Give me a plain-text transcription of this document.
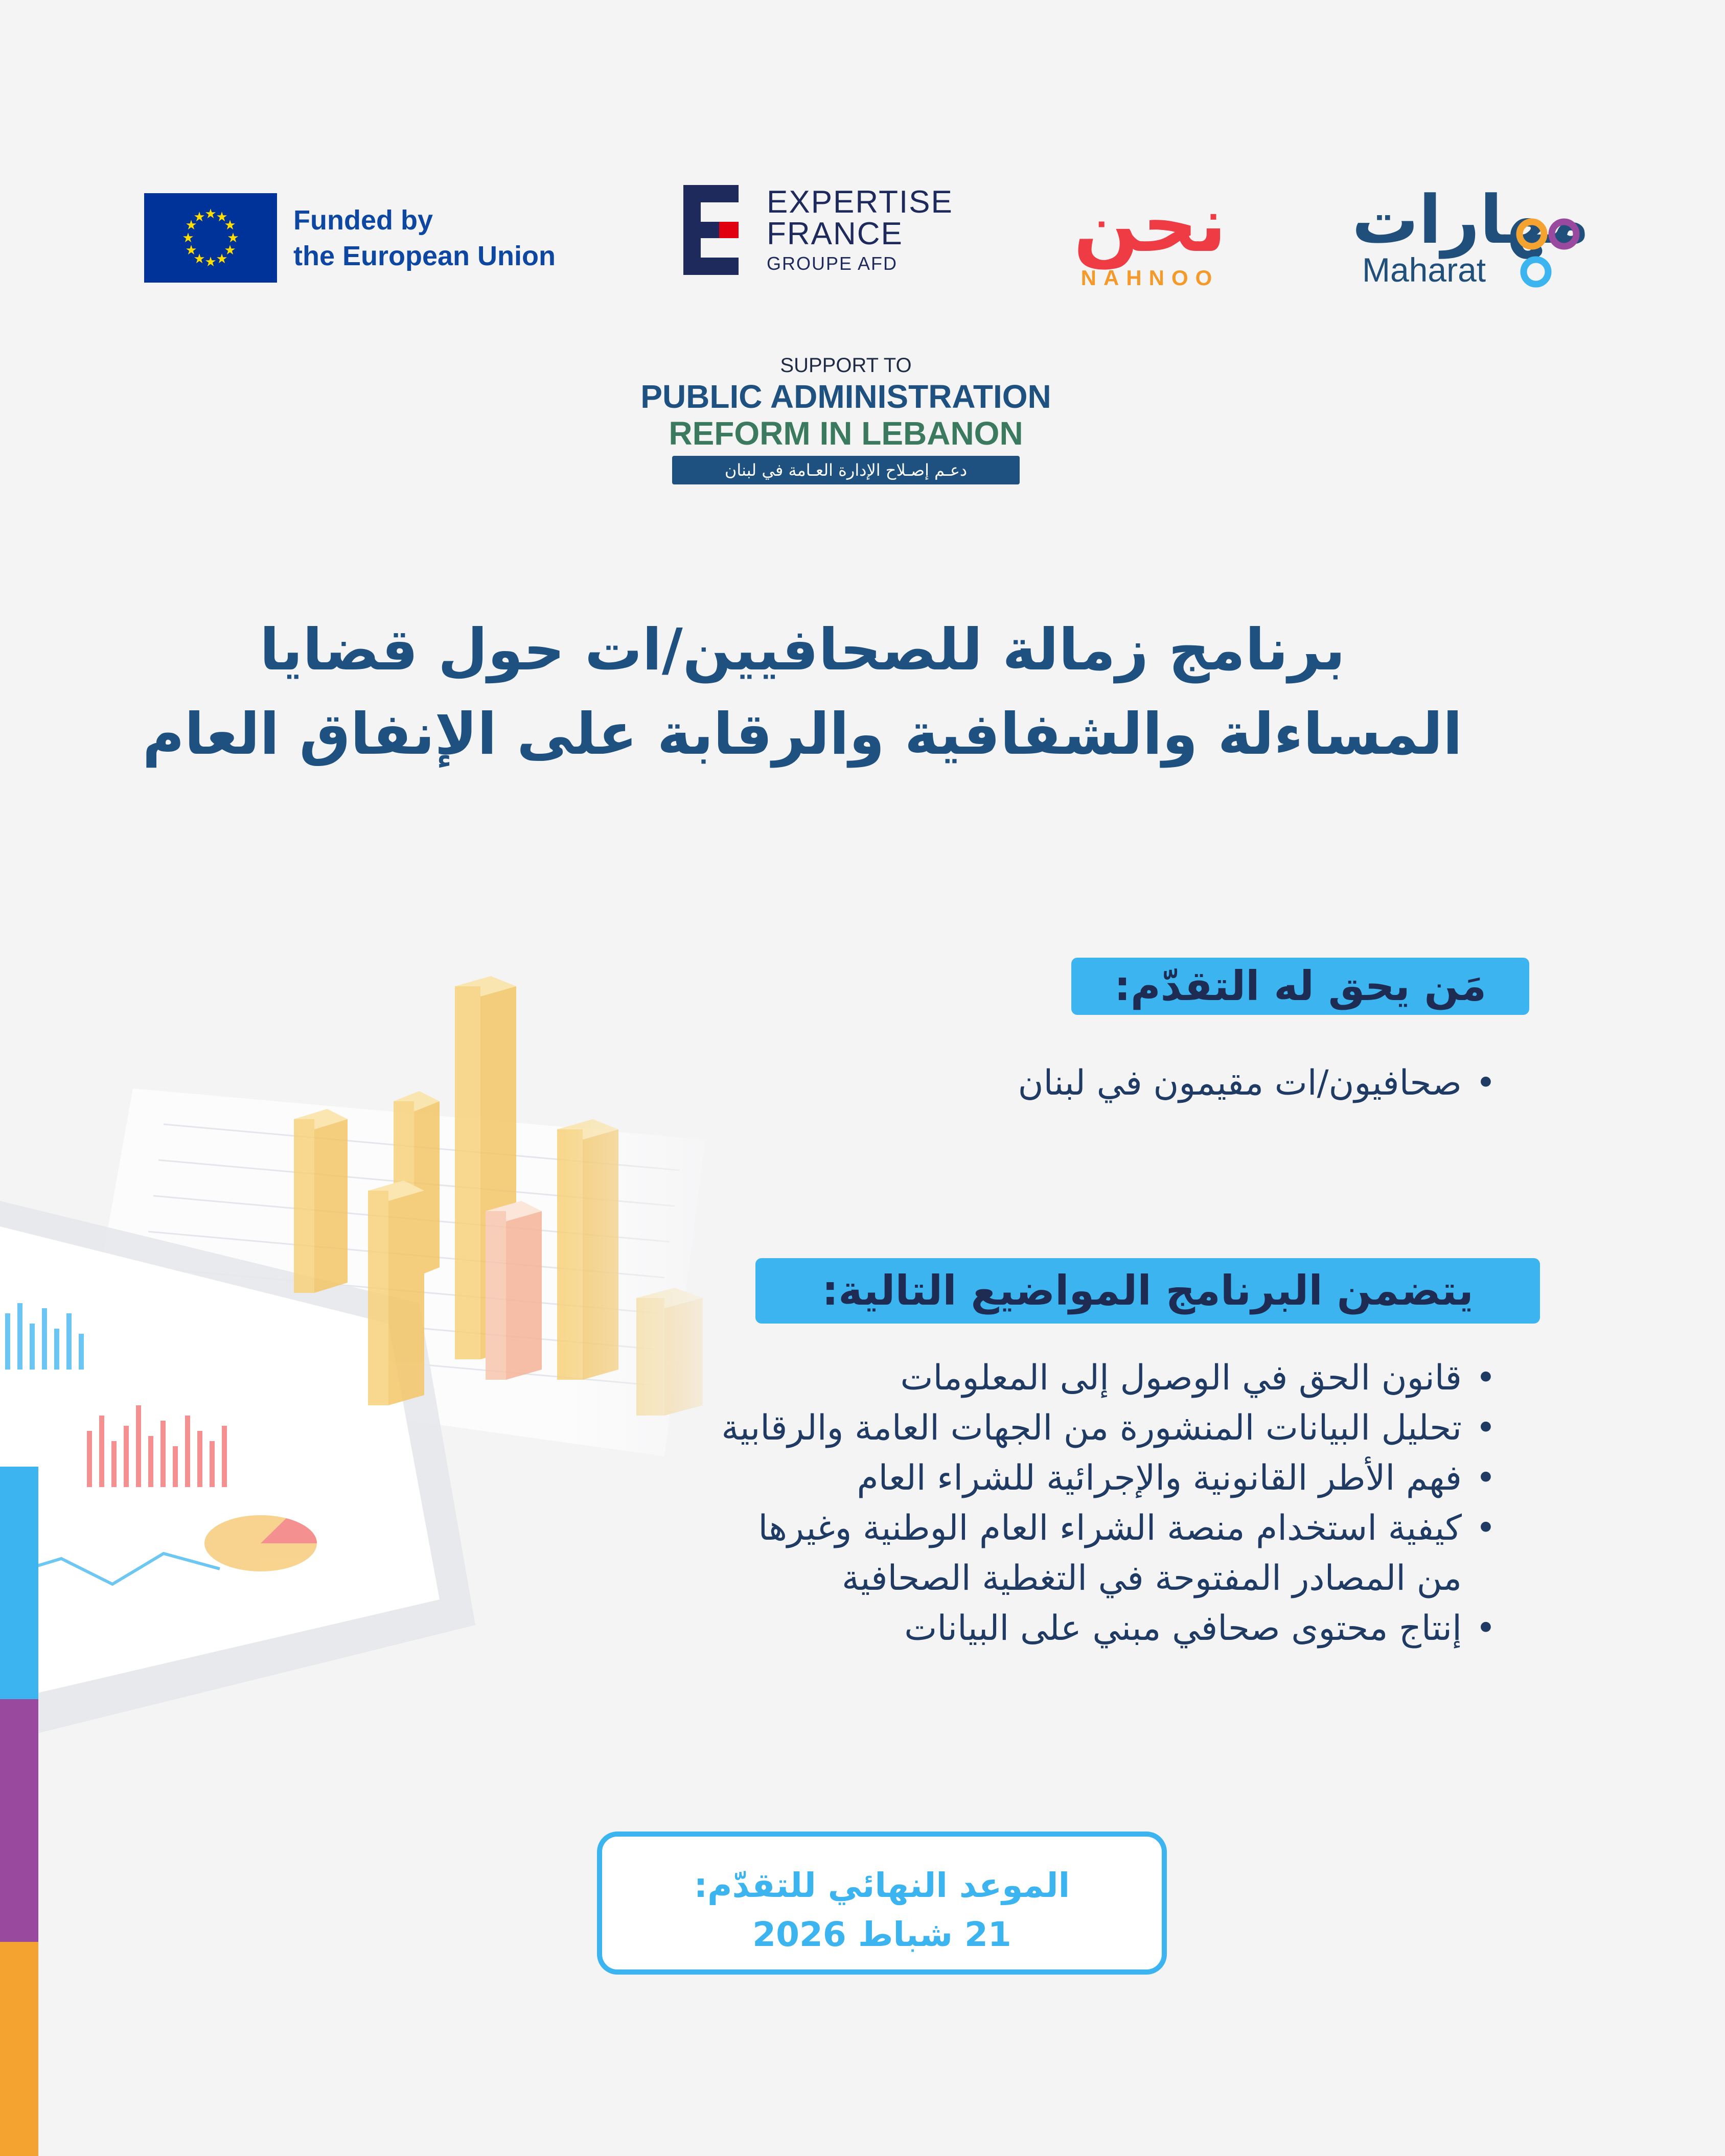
★
★
★
★
★
★
★
★
★
★
★
★	Funded by
the European Union
EXPERTISE
FRANCE
GROUPE AFD نحن
NAHNOO
مهارات
Maharat
SUPPORT TO
PUBLIC ADMINISTRATION
REFORM IN LEBANON
دعـم إصـلاح الإدارة العـامة في لبنان
برنامج زمالة للصحافيين/ات حول قضايا
المساءلة والشفافية والرقابة على الإنفاق العام
مَن يحق له التقدّم:
• صحافيون/ات مقيمون في لبنان
يتضمن البرنامج المواضيع التالية:
• قانون الحق في الوصول إلى المعلومات
• تحليل البيانات المنشورة من الجهات العامة والرقابية
• فهم الأطر القانونية والإجرائية للشراء العام
• كيفية استخدام منصة الشراء العام الوطنية وغيرها
من المصادر المفتوحة في التغطية الصحافية
• إنتاج محتوى صحافي مبني على البيانات
الموعد النهائي للتقدّم:
21 شباط 2026
